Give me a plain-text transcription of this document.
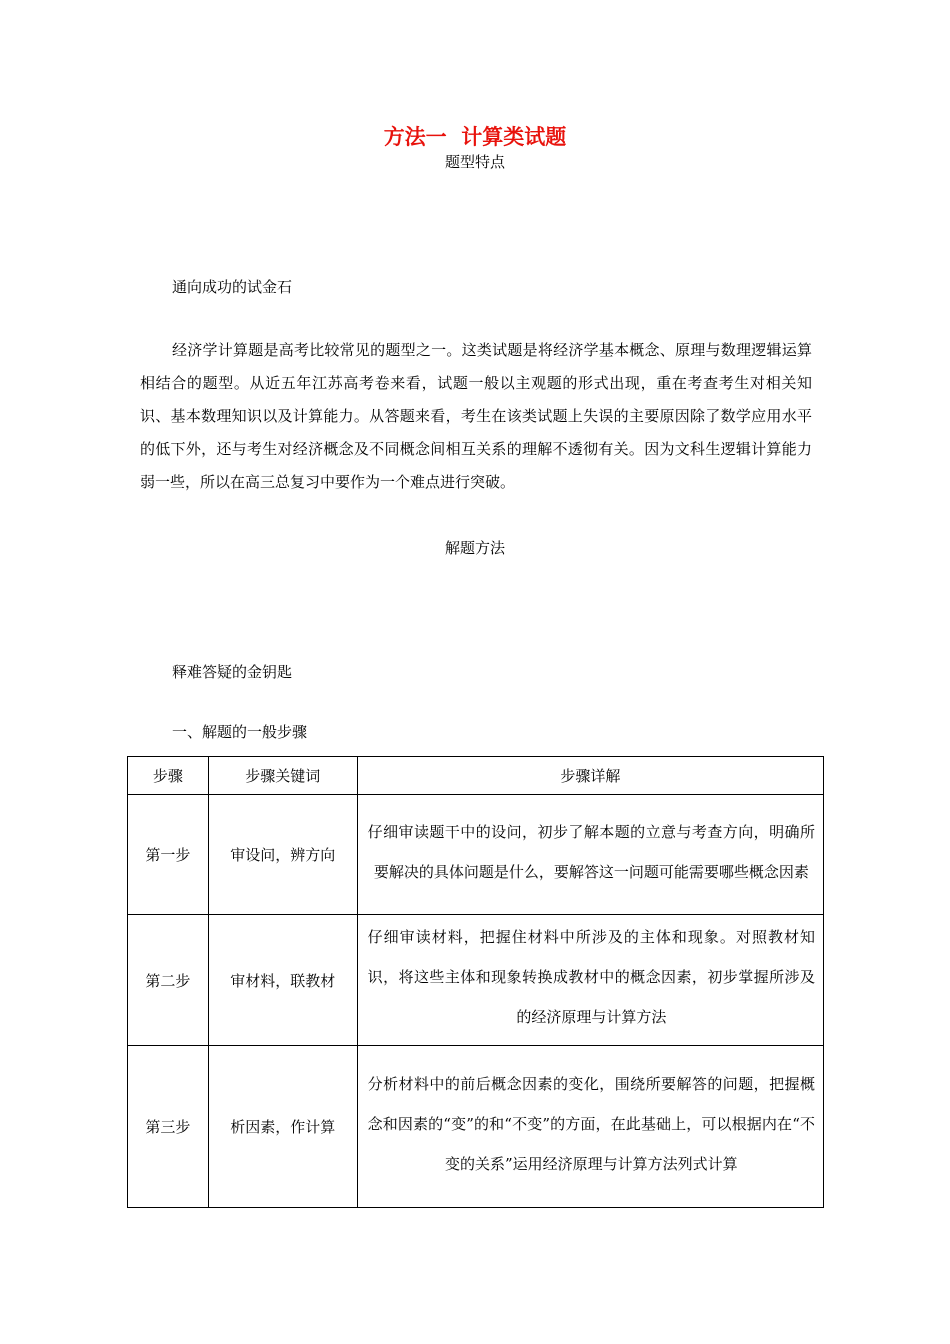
方法一  计算类试题
题型特点
通向成功的试金石

经济学计算题是高考比较常见的题型之一。这类试题是将经济学基本概念、原理与数理逻辑运算相结合的题型。从近五年江苏高考卷来看，试题一般以主观题的形式出现，重在考查考生对相关知识、基本数理知识以及计算能力。从答题来看，考生在该类试题上失误的主要原因除了数学应用水平的低下外，还与考生对经济概念及不同概念间相互关系的理解不透彻有关。因为文科生逻辑计算能力弱一些，所以在高三总复习中要作为一个难点进行突破。

解题方法
释难答疑的金钥匙
一、解题的一般步骤
步骤	步骤关键词	步骤详解
第一步	审设问，辨方向	仔细审读题干中的设问，初步了解本题的立意与考查方向，明确所要解决的具体问题是什么，要解答这一问题可能需要哪些概念因素
第二步	审材料，联教材	仔细审读材料，把握住材料中所涉及的主体和现象。对照教材知识，将这些主体和现象转换成教材中的概念因素，初步掌握所涉及的经济原理与计算方法
第三步	析因素，作计算	分析材料中的前后概念因素的变化，围绕所要解答的问题，把握概念和因素的“变”的和“不变”的方面，在此基础上，可以根据内在“不变的关系”运用经济原理与计算方法列式计算
